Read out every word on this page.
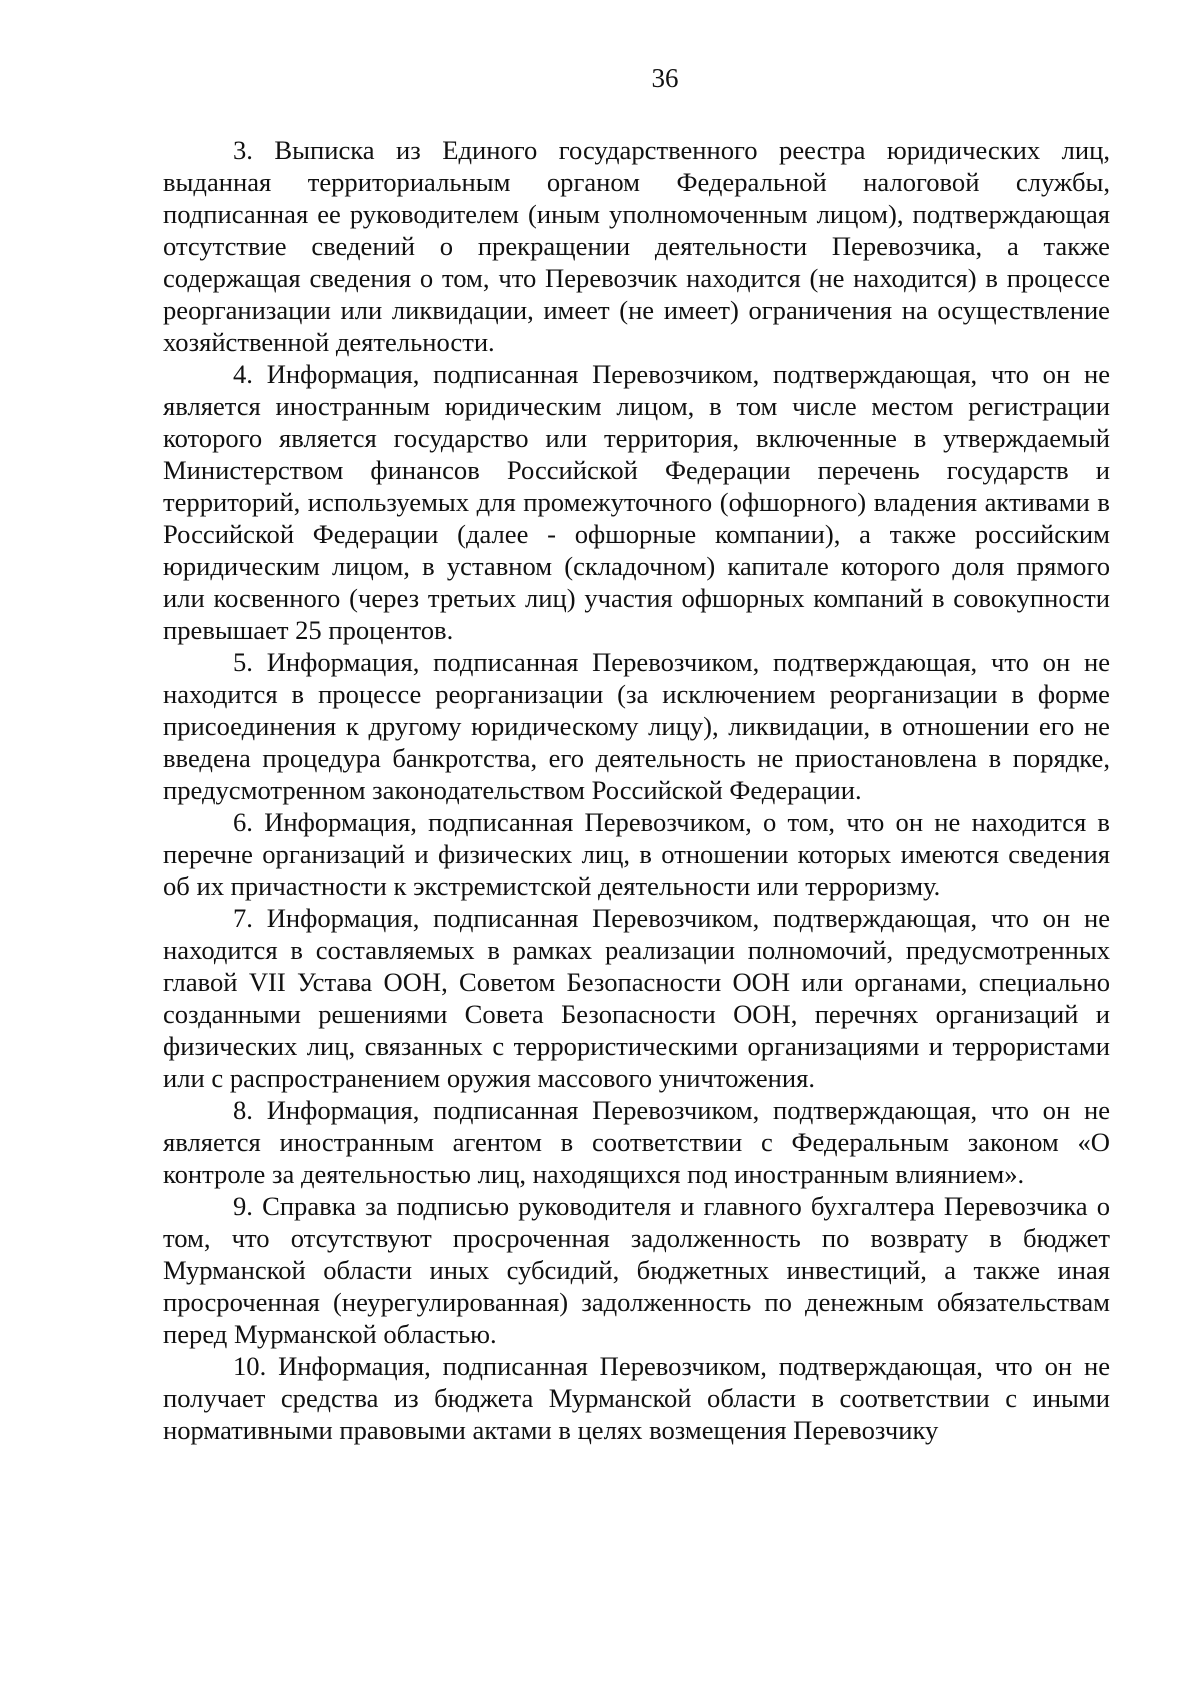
36

3. Выписка из Единого государственного реестра юридических лиц, выданная территориальным органом Федеральной налоговой службы, подписанная ее руководителем (иным уполномоченным лицом), подтверждающая отсутствие сведений о прекращении деятельности Перевозчика, а также содержащая сведения о том, что Перевозчик находится (не находится) в процессе реорганизации или ликвидации, имеет (не имеет) ограничения на осуществление хозяйственной деятельности.

4. Информация, подписанная Перевозчиком, подтверждающая, что он не является иностранным юридическим лицом, в том числе местом регистрации которого является государство или территория, включенные в утверждаемый Министерством финансов Российской Федерации перечень государств и территорий, используемых для промежуточного (офшорного) владения активами в Российской Федерации (далее - офшорные компании), а также российским юридическим лицом, в уставном (складочном) капитале которого доля прямого или косвенного (через третьих лиц) участия офшорных компаний в совокупности превышает 25 процентов.

5. Информация, подписанная Перевозчиком, подтверждающая, что он не находится в процессе реорганизации (за исключением реорганизации в форме присоединения к другому юридическому лицу), ликвидации, в отношении его не введена процедура банкротства, его деятельность не приостановлена в порядке, предусмотренном законодательством Российской Федерации.

6. Информация, подписанная Перевозчиком, о том, что он не находится в перечне организаций и физических лиц, в отношении которых имеются сведения об их причастности к экстремистской деятельности или терроризму.

7. Информация, подписанная Перевозчиком, подтверждающая, что он не находится в составляемых в рамках реализации полномочий, предусмотренных главой VII Устава ООН, Советом Безопасности ООН или органами, специально созданными решениями Совета Безопасности ООН, перечнях организаций и физических лиц, связанных с террористическими организациями и террористами или с распространением оружия массового уничтожения.

8. Информация, подписанная Перевозчиком, подтверждающая, что он не является иностранным агентом в соответствии с Федеральным законом «О контроле за деятельностью лиц, находящихся под иностранным влиянием».

9. Справка за подписью руководителя и главного бухгалтера Перевозчика о том, что отсутствуют просроченная задолженность по возврату в бюджет Мурманской области иных субсидий, бюджетных инвестиций, а также иная просроченная (неурегулированная) задолженность по денежным обязательствам перед Мурманской областью.

10. Информация, подписанная Перевозчиком, подтверждающая, что он не получает средства из бюджета Мурманской области в соответствии с иными нормативными правовыми актами в целях возмещения Перевозчику
